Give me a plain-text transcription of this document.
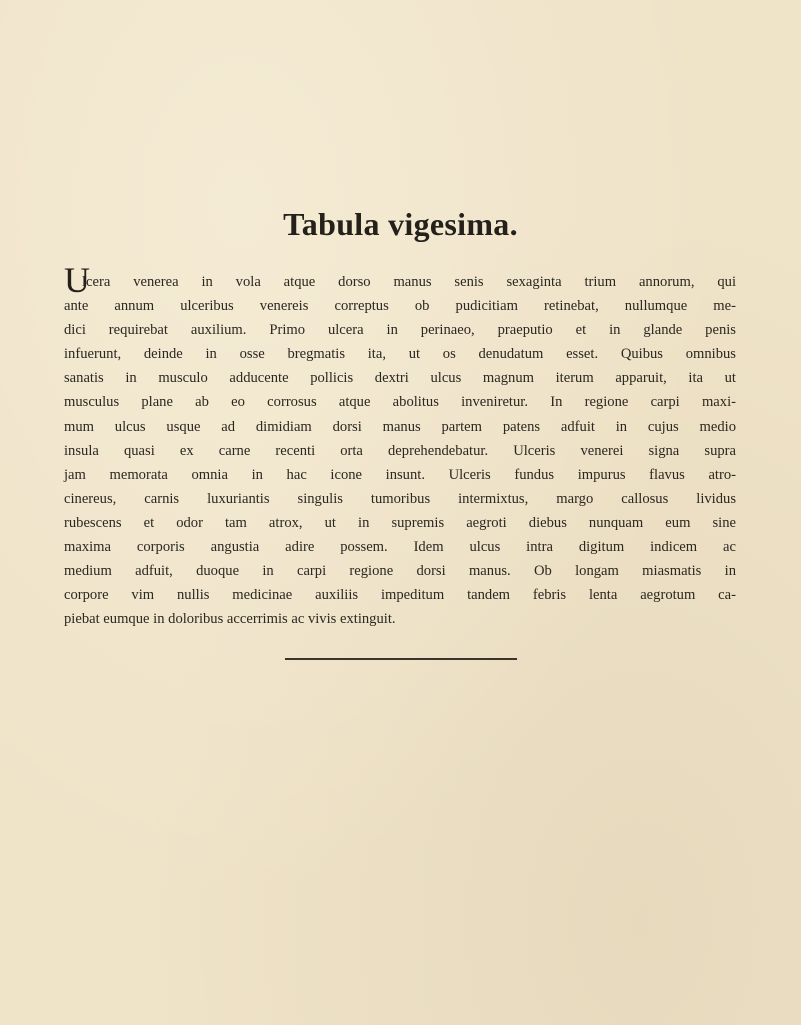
Tabula vigesima.
U
lcera venerea in vola atque dorso manus senis sexaginta trium annorum, qui
ante annum ulceribus venereis correptus ob pudicitiam retinebat, nullumque me-
dici requirebat auxilium. Primo ulcera in perinaeo, praeputio et in glande penis
infuerunt, deinde in osse bregmatis ita, ut os denudatum esset. Quibus omnibus
sanatis in musculo adducente pollicis dextri ulcus magnum iterum apparuit, ita ut
musculus plane ab eo corrosus atque abolitus inveniretur. In regione carpi maxi-
mum ulcus usque ad dimidiam dorsi manus partem patens adfuit in cujus medio
insula quasi ex carne recenti orta deprehendebatur. Ulceris venerei signa supra
jam memorata omnia in hac icone insunt. Ulceris fundus impurus flavus atro-
cinereus, carnis luxuriantis singulis tumoribus intermixtus, margo callosus lividus
rubescens et odor tam atrox, ut in supremis aegroti diebus nunquam eum sine
maxima corporis angustia adire possem. Idem ulcus intra digitum indicem ac
medium adfuit, duoque in carpi regione dorsi manus. Ob longam miasmatis in
corpore vim nullis medicinae auxiliis impeditum tandem febris lenta aegrotum ca-
piebat eumque in doloribus accerrimis ac vivis extinguit.
